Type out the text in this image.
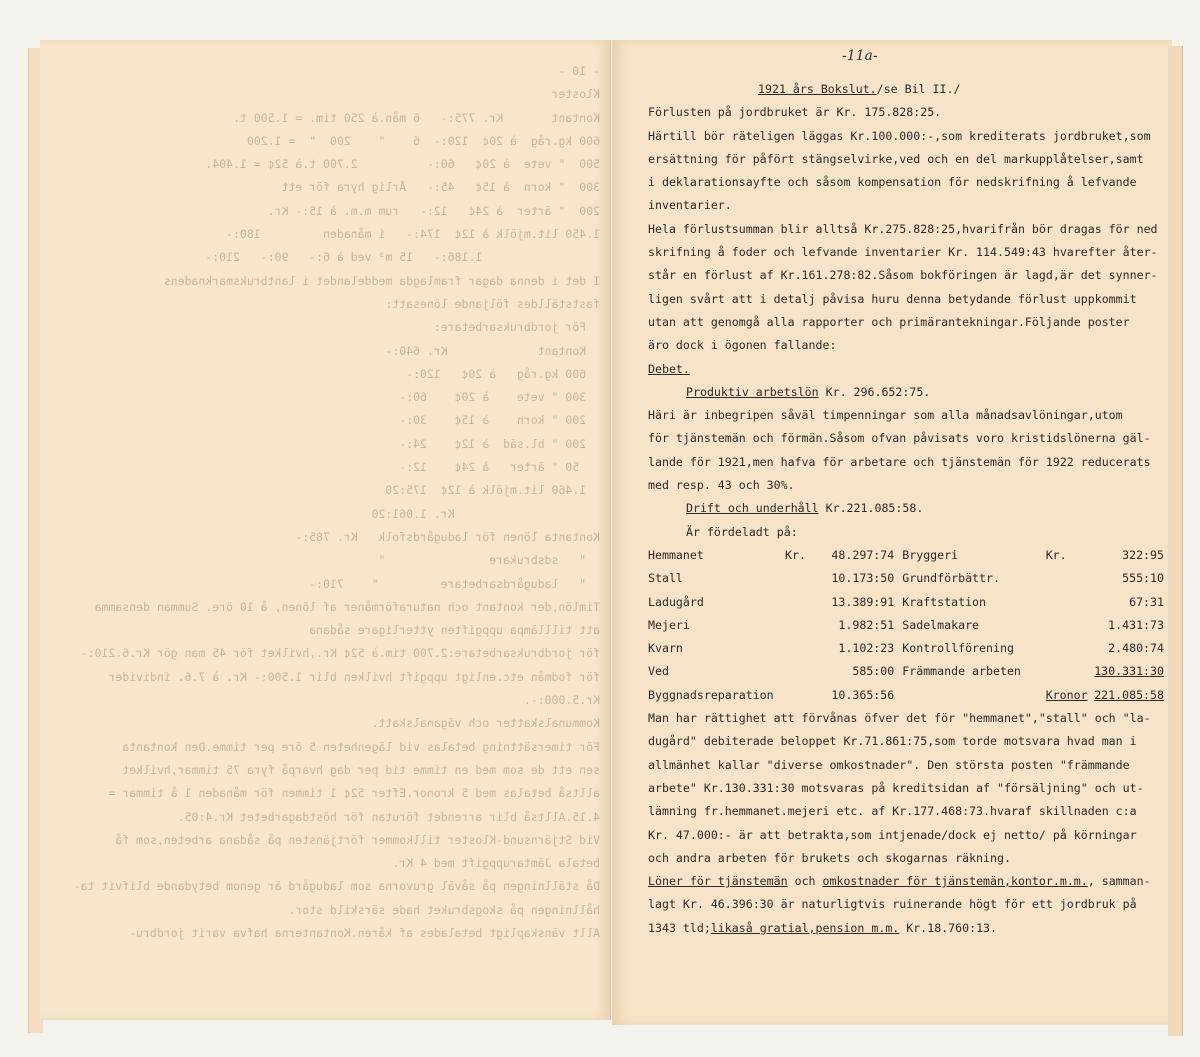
- 10 -
Kloster
Kontant       Kr. 775:-   6 mån.à 250 tim. = 1.500 t.
600 kg.råg  à 20¢  120:-  6    "    200  "  = 1.200
500  " vete  à 20¢   60:-          2.700 t.à 52¢ = 1.404.
300  " korn  à 15¢   45:-   Årlig hyra för ett
200  " ärter  à 24¢   12:-   rum m.m. à 15:- Kr.
1.450 lit.mjölk à 12¢  174:-   i månaden         180:-
1.186:-   15 m³ ved à 6:-   90:-   210:-
I det i denna dagar framlagda meddelandet i lantbruksmarknadens
fastställdes följande lönesatt:
För jordbruksarbetare:
Kontant             Kr. 640:-
600 kg.råg   à 20¢   120:-
300 " vete    à 20¢    60:-
200 " korn    à 15¢    30:-
200 " bl.säd  à 12¢    24:-
50 " ärter   à 24¢    12:-
1.460 lit.mjölk à 12¢  175:20
Kr. 1.061:20
Kontanta lönen för ladugårdsfolk   Kr. 785:-
"   sdsbrukare               "
"   ladugårdsarbetare         "    710:-
Timlön,der kontant och naturaförmåner af lönen, å 10 öre. Summan densamma
att tilllämpa uppgiften ytterligare sådana
för jordbruksarbetare:2.700 tim.à 52¢ Kr.,hvilket för 45 man gör Kr.6.210:-
för fodmån etc.enligt uppgift hvilken blir 1.500:- Kr. à 7.6. individer
Kr.5.000:-.
Kommunalskatter och väganalskatt.
För timersättning betalas vid lägenheten 5 öre per timme.Den kontanta
sen ett de som med en timme tid per dag hvarpå fyra 75 timmar,hvilket
alltså betalas med 5 kronor.Efter 52¢ 1 timmen för månaden 1 å timmar =
4.15.Alltså blir arrendet förutan för höstdagarbetet Kr.4:05.
Vid Stjärnsund-Kloster tillkommer förtjänsten på sådana arbeten,som få
betala Jämtaruppgift med 4 Kr.
Då ställningen på såväl gruvorna som ladugård är genom betydande blifvit ta-
hållningen på skogsbruket hade särskild stor.
Allt vänskapligt betalades af kåren.Kontanterna hafva varit jordbru-
-11a-
1921 års Bokslut./se Bil II./
Förlusten på jordbruket är Kr. 175.828:25.
Härtill bör räteligen läggas Kr.100.000:-,som krediterats jordbruket,som
ersättning för påfört stängselvirke,ved och en del markupplåtelser,samt
i deklarationsayfte och såsom kompensation för nedskrifning å lefvande
inventarier.
Hela förlustsumman blir alltså Kr.275.828:25,hvarifrån bör dragas för ned
skrifning å foder och lefvande inventarier Kr. 114.549:43 hvarefter åter-
står en förlust af Kr.161.278:82.Såsom bokföringen är lagd,är det synner-
ligen svårt att i detalj påvisa huru denna betydande förlust uppkommit
utan att genomgå alla rapporter och primärantekningar.Följande poster
äro dock i ögonen fallande:
Debet.
Produktiv arbetslön Kr. 296.652:75.
Häri är inbegripen såväl timpenningar som alla månadsavlöningar,utom
för tjänstemän och förmän.Såsom ofvan påvisats voro kristidslönerna gäl-
lande för 1921,men hafva för arbetare och tjänstemän för 1922 reducerats
med resp. 43 och 30%.
Drift och underhåll Kr.221.085:58.
Är fördeladt på:
Hemmanet	Kr.	48.297:74	Bryggeri	Kr.	322:95
Stall		10.173:50	Grundförbättr.		555:10
Ladugård		13.389:91	Kraftstation		67:31
Mejeri		1.982:51	Sadelmakare		1.431:73
Kvarn		1.102:23	Kontrollförening		2.480:74
Ved		585:00	Främmande arbeten		130.331:30
Byggnadsreparation		10.365:56		Kronor	221.085:58
Man har rättighet att förvånas öfver det för "hemmanet","stall" och "la-
dugård" debiterade beloppet Kr.71.861:75,som torde motsvara hvad man i
allmänhet kallar "diverse omkostnader". Den största posten "främmande
arbete" Kr.130.331:30 motsvaras på kreditsidan af "försäljning" och ut-
lämning fr.hemmanet.mejeri etc. af Kr.177.468:73.hvaraf skillnaden c:a
Kr. 47.000:- är att betrakta,som intjenade/dock ej netto/ på körningar
och andra arbeten för brukets och skogarnas räkning.
Löner för tjänstemän och omkostnader för tjänstemän,kontor.m.m., samman-
lagt Kr. 46.396:30 är naturligtvis ruinerande högt för ett jordbruk på
1343 tld;likaså gratial,pension m.m. Kr.18.760:13.
